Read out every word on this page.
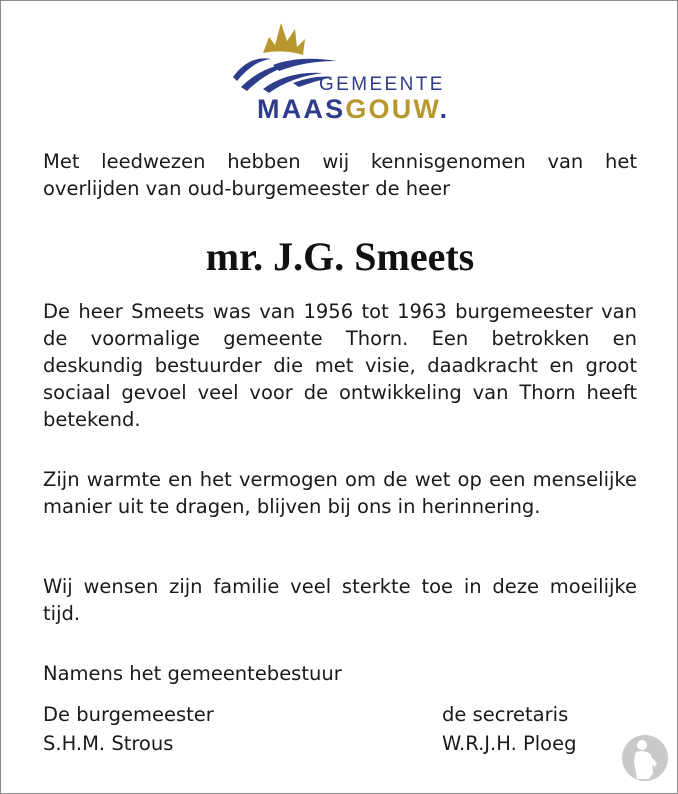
GEMEENTE
MAASGOUW.
Met leedwezen hebben wij kennisgenomen van het overlijden van oud-burgemeester de heer
mr. J.G. Smeets
De heer Smeets was van 1956 tot 1963 burgemeester van de voormalige gemeente Thorn. Een betrokken en deskundig bestuurder die met visie, daadkracht en groot sociaal gevoel veel voor de ontwikkeling van Thorn heeft betekend.
Zijn warmte en het vermogen om de wet op een menselijke manier uit te dragen, blijven bij ons in herinnering.
Wij wensen zijn familie veel sterkte toe in deze moeilijke tijd.
Namens het gemeentebestuur
De burgemeester
S.H.M. Strous
de secretaris
W.R.J.H. Ploeg
